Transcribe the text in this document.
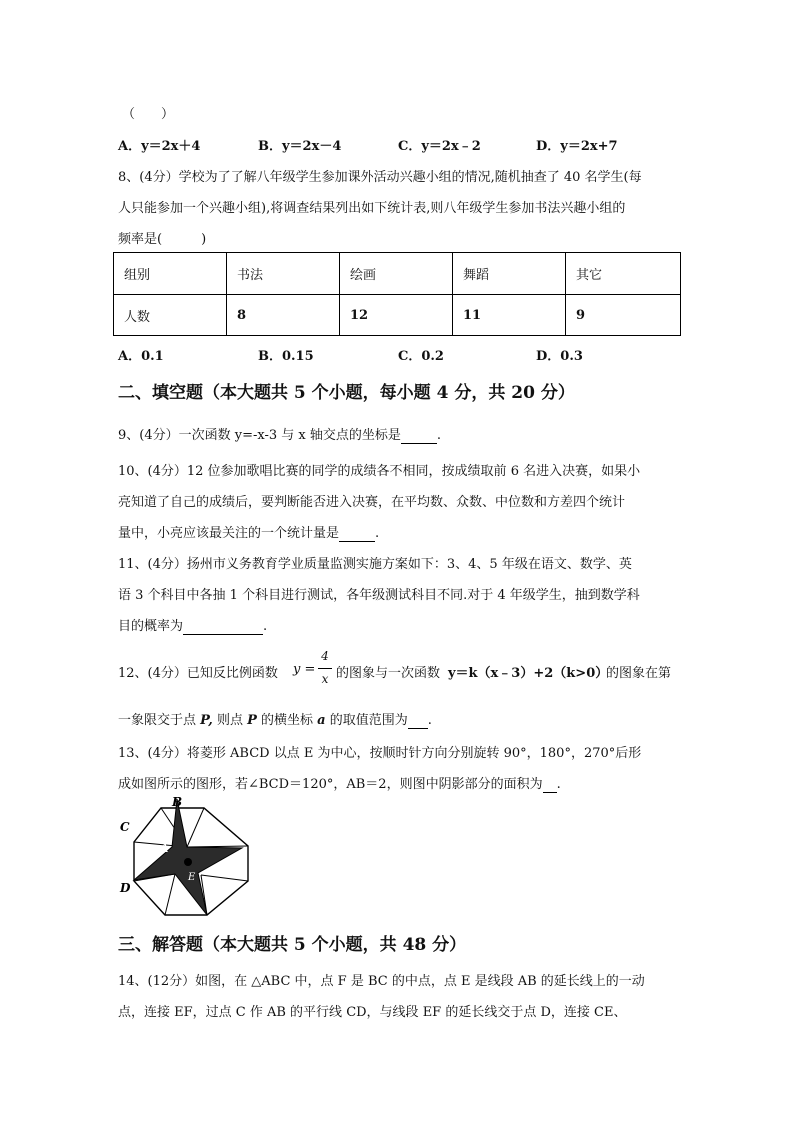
（　　）
A．y＝2x＋4	B．y＝2x－4	C．y＝2x﹣2	D．y＝2x+7
8、(4分）学校为了了解八年级学生参加课外活动兴趣小组的情况,随机抽查了 40 名学生(每
人只能参加一个兴趣小组),将调查结果列出如下统计表,则八年级学生参加书法兴趣小组的
频率是(　　　)
组别	书法	绘画	舞蹈	其它
人数	8	12	11	9
A．0.1	B．0.15	C．0.2	D．0.3
二、填空题（本大题共 5 个小题，每小题 4 分，共 20 分）
9、(4分）一次函数 y=-x-3 与 x 轴交点的坐标是	.
10、(4分）12 位参加歌唱比赛的同学的成绩各不相同，按成绩取前 6 名进入决赛，如果小
亮知道了自己的成绩后，要判断能否进入决赛，在平均数、众数、中位数和方差四个统计
量中，小亮应该最关注的一个统计量是	.
11、(4分）扬州市义务教育学业质量监测实施方案如下：3、4、5 年级在语文、数学、英
语 3 个科目中各抽 1 个科目进行测试，各年级测试科目不同.对于 4 年级学生，抽到数学科
目的概率为	.
12、(4分）已知反比例函数 y =
4
x 的图象与一次函数 y＝k（x﹣3）+2（k>0）
的图象在第
一象限交于点 P, 则点 P 的横坐标 a 的取值范围为 .
13、(4分）将菱形 ABCD 以点 E 为中心，按顺时针方向分别旋转 90°，180°，270°后形
成如图所示的图形，若∠BCD＝120°，AB＝2，则图中阴影部分的面积为 .
B
C
A
D
E
三、解答题（本大题共 5 个小题，共 48 分）
14、(12分）如图，在 △ABC 中，点 F 是 BC 的中点，点 E 是线段 AB 的延长线上的一动
点，连接 EF，过点 C 作 AB 的平行线 CD，与线段 EF 的延长线交于点 D，连接 CE、
